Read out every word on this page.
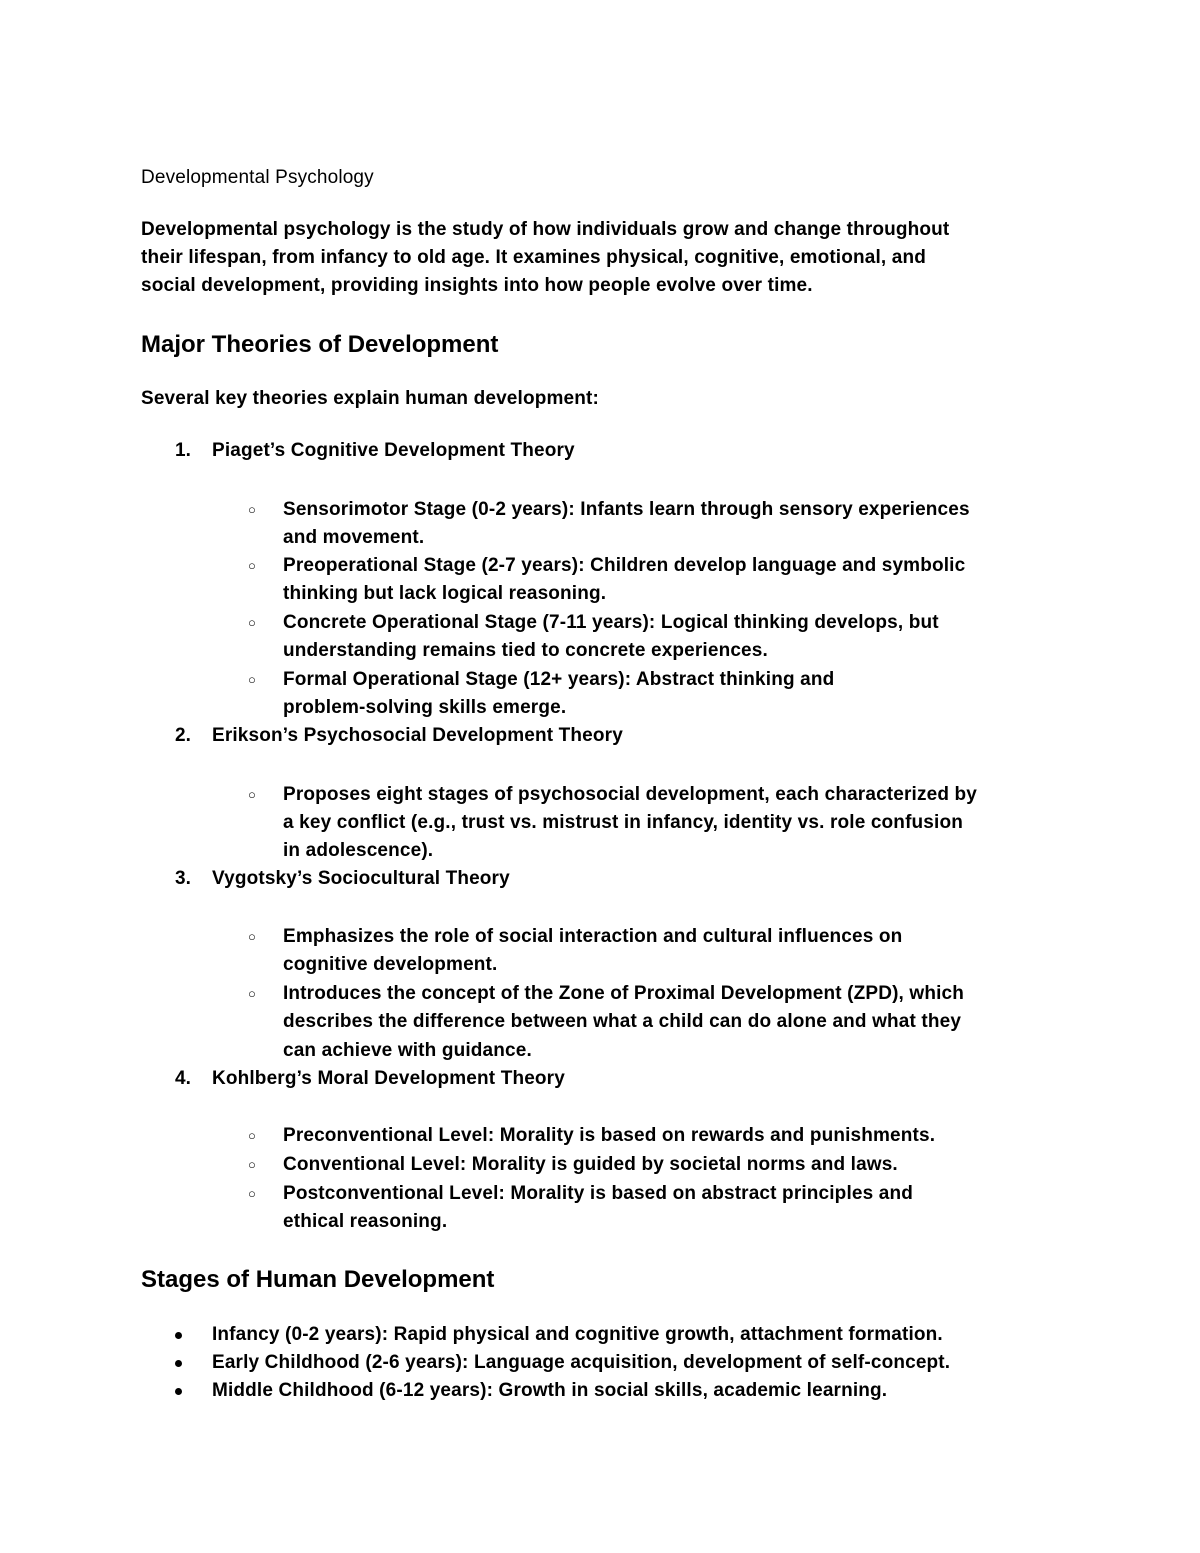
Developmental Psychology
Developmental psychology is the study of how individuals grow and change throughout
their lifespan, from infancy to old age. It examines physical, cognitive, emotional, and
social development, providing insights into how people evolve over time.
Major Theories of Development
Several key theories explain human development:
1. Piaget’s Cognitive Development Theory
○ Sensorimotor Stage (0-2 years): Infants learn through sensory experiences
and movement.
○ Preoperational Stage (2-7 years): Children develop language and symbolic
thinking but lack logical reasoning.
○ Concrete Operational Stage (7-11 years): Logical thinking develops, but
understanding remains tied to concrete experiences.
○ Formal Operational Stage (12+ years): Abstract thinking and
problem-solving skills emerge.
2. Erikson’s Psychosocial Development Theory
○ Proposes eight stages of psychosocial development, each characterized by
a key conflict (e.g., trust vs. mistrust in infancy, identity vs. role confusion
in adolescence).
3. Vygotsky’s Sociocultural Theory
○ Emphasizes the role of social interaction and cultural influences on
cognitive development.
○ Introduces the concept of the Zone of Proximal Development (ZPD), which
describes the difference between what a child can do alone and what they
can achieve with guidance.
4. Kohlberg’s Moral Development Theory
○ Preconventional Level: Morality is based on rewards and punishments.
○ Conventional Level: Morality is guided by societal norms and laws.
○ Postconventional Level: Morality is based on abstract principles and
ethical reasoning.
Stages of Human Development
Infancy (0-2 years): Rapid physical and cognitive growth, attachment formation.
Early Childhood (2-6 years): Language acquisition, development of self-concept.
Middle Childhood (6-12 years): Growth in social skills, academic learning.
